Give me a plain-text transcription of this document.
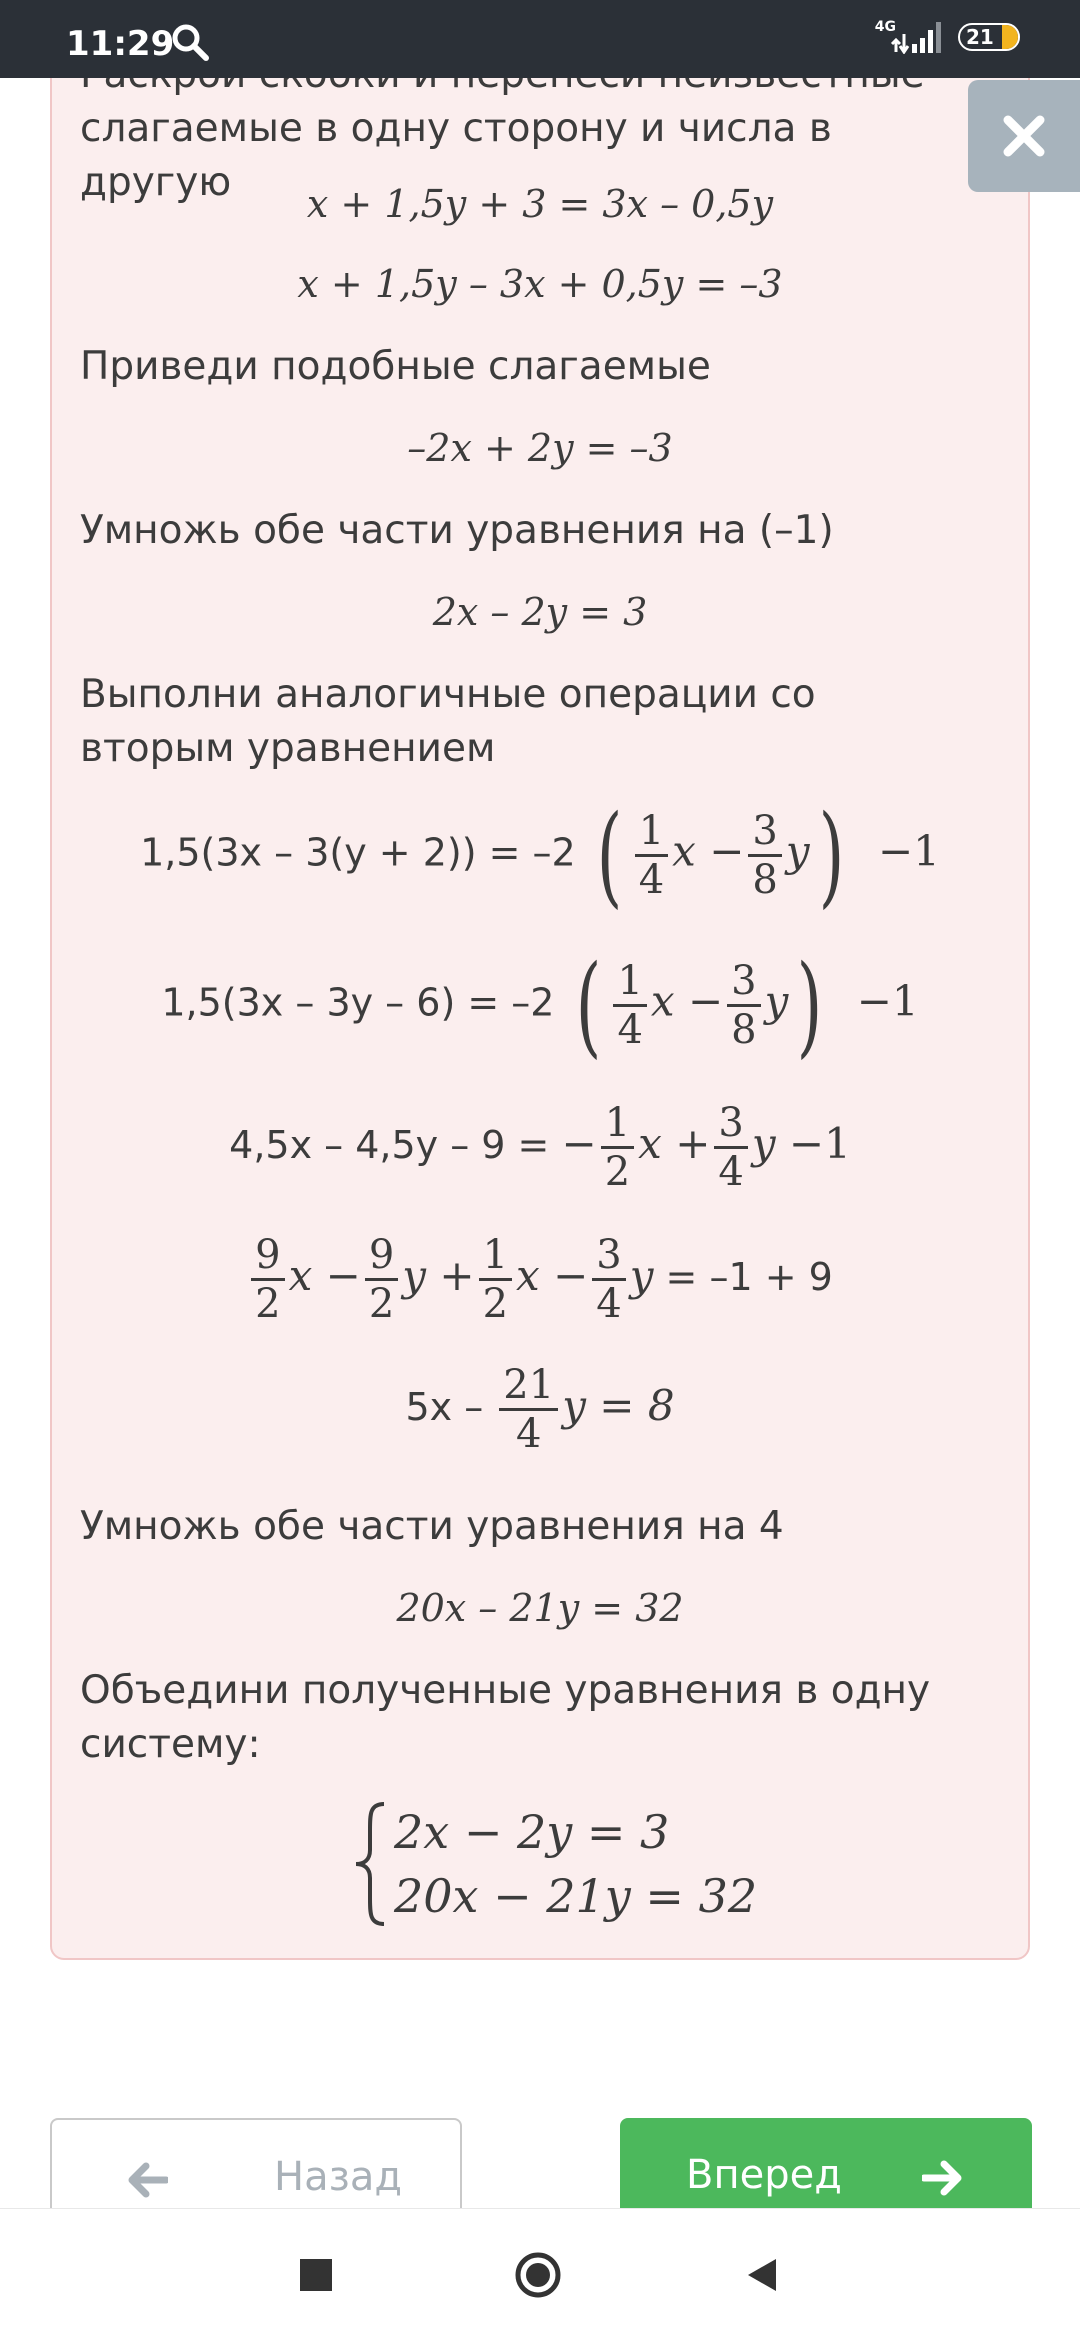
11:29	4G	21
слагаемые в одну сторону и числа в другую	x + 1,5y + 3 = 3x – 0,5y
x + 1,5y – 3x + 0,5y = –3
Приведи подобные слагаемые
–2x + 2y = –3
Умножь обе части уравнения на (–1)
2x – 2y = 3
Выполни аналогичные операции со вторым уравнением
1,5(3x – 3(y + 2)) = –2 ( $\frac{1}{4}$ $x - \frac{3}{8} y) -1$
1,5(3x – 3y – 6) = –2 ( $\frac{1}{4}$ $x - \frac{3}{8} y) -1$
4,5x – 4,5y – 9 = − $\frac{1}{2}$ $x + \frac{3}{4}$ y −1
$\frac{9}{2}$ $x - \frac{9}{2}$ $y + \frac{1}{2}$ $x - \frac{3}{4}$ y = –1 + 9
$5x - \frac{21}{4}$ y = 8
Умножь обе части уравнения на 4
20x – 21y = 32
Объедини полученные уравнения в одну систему:
2x − 2y = 3
20x − 21y = 32
Назад	Вперед
